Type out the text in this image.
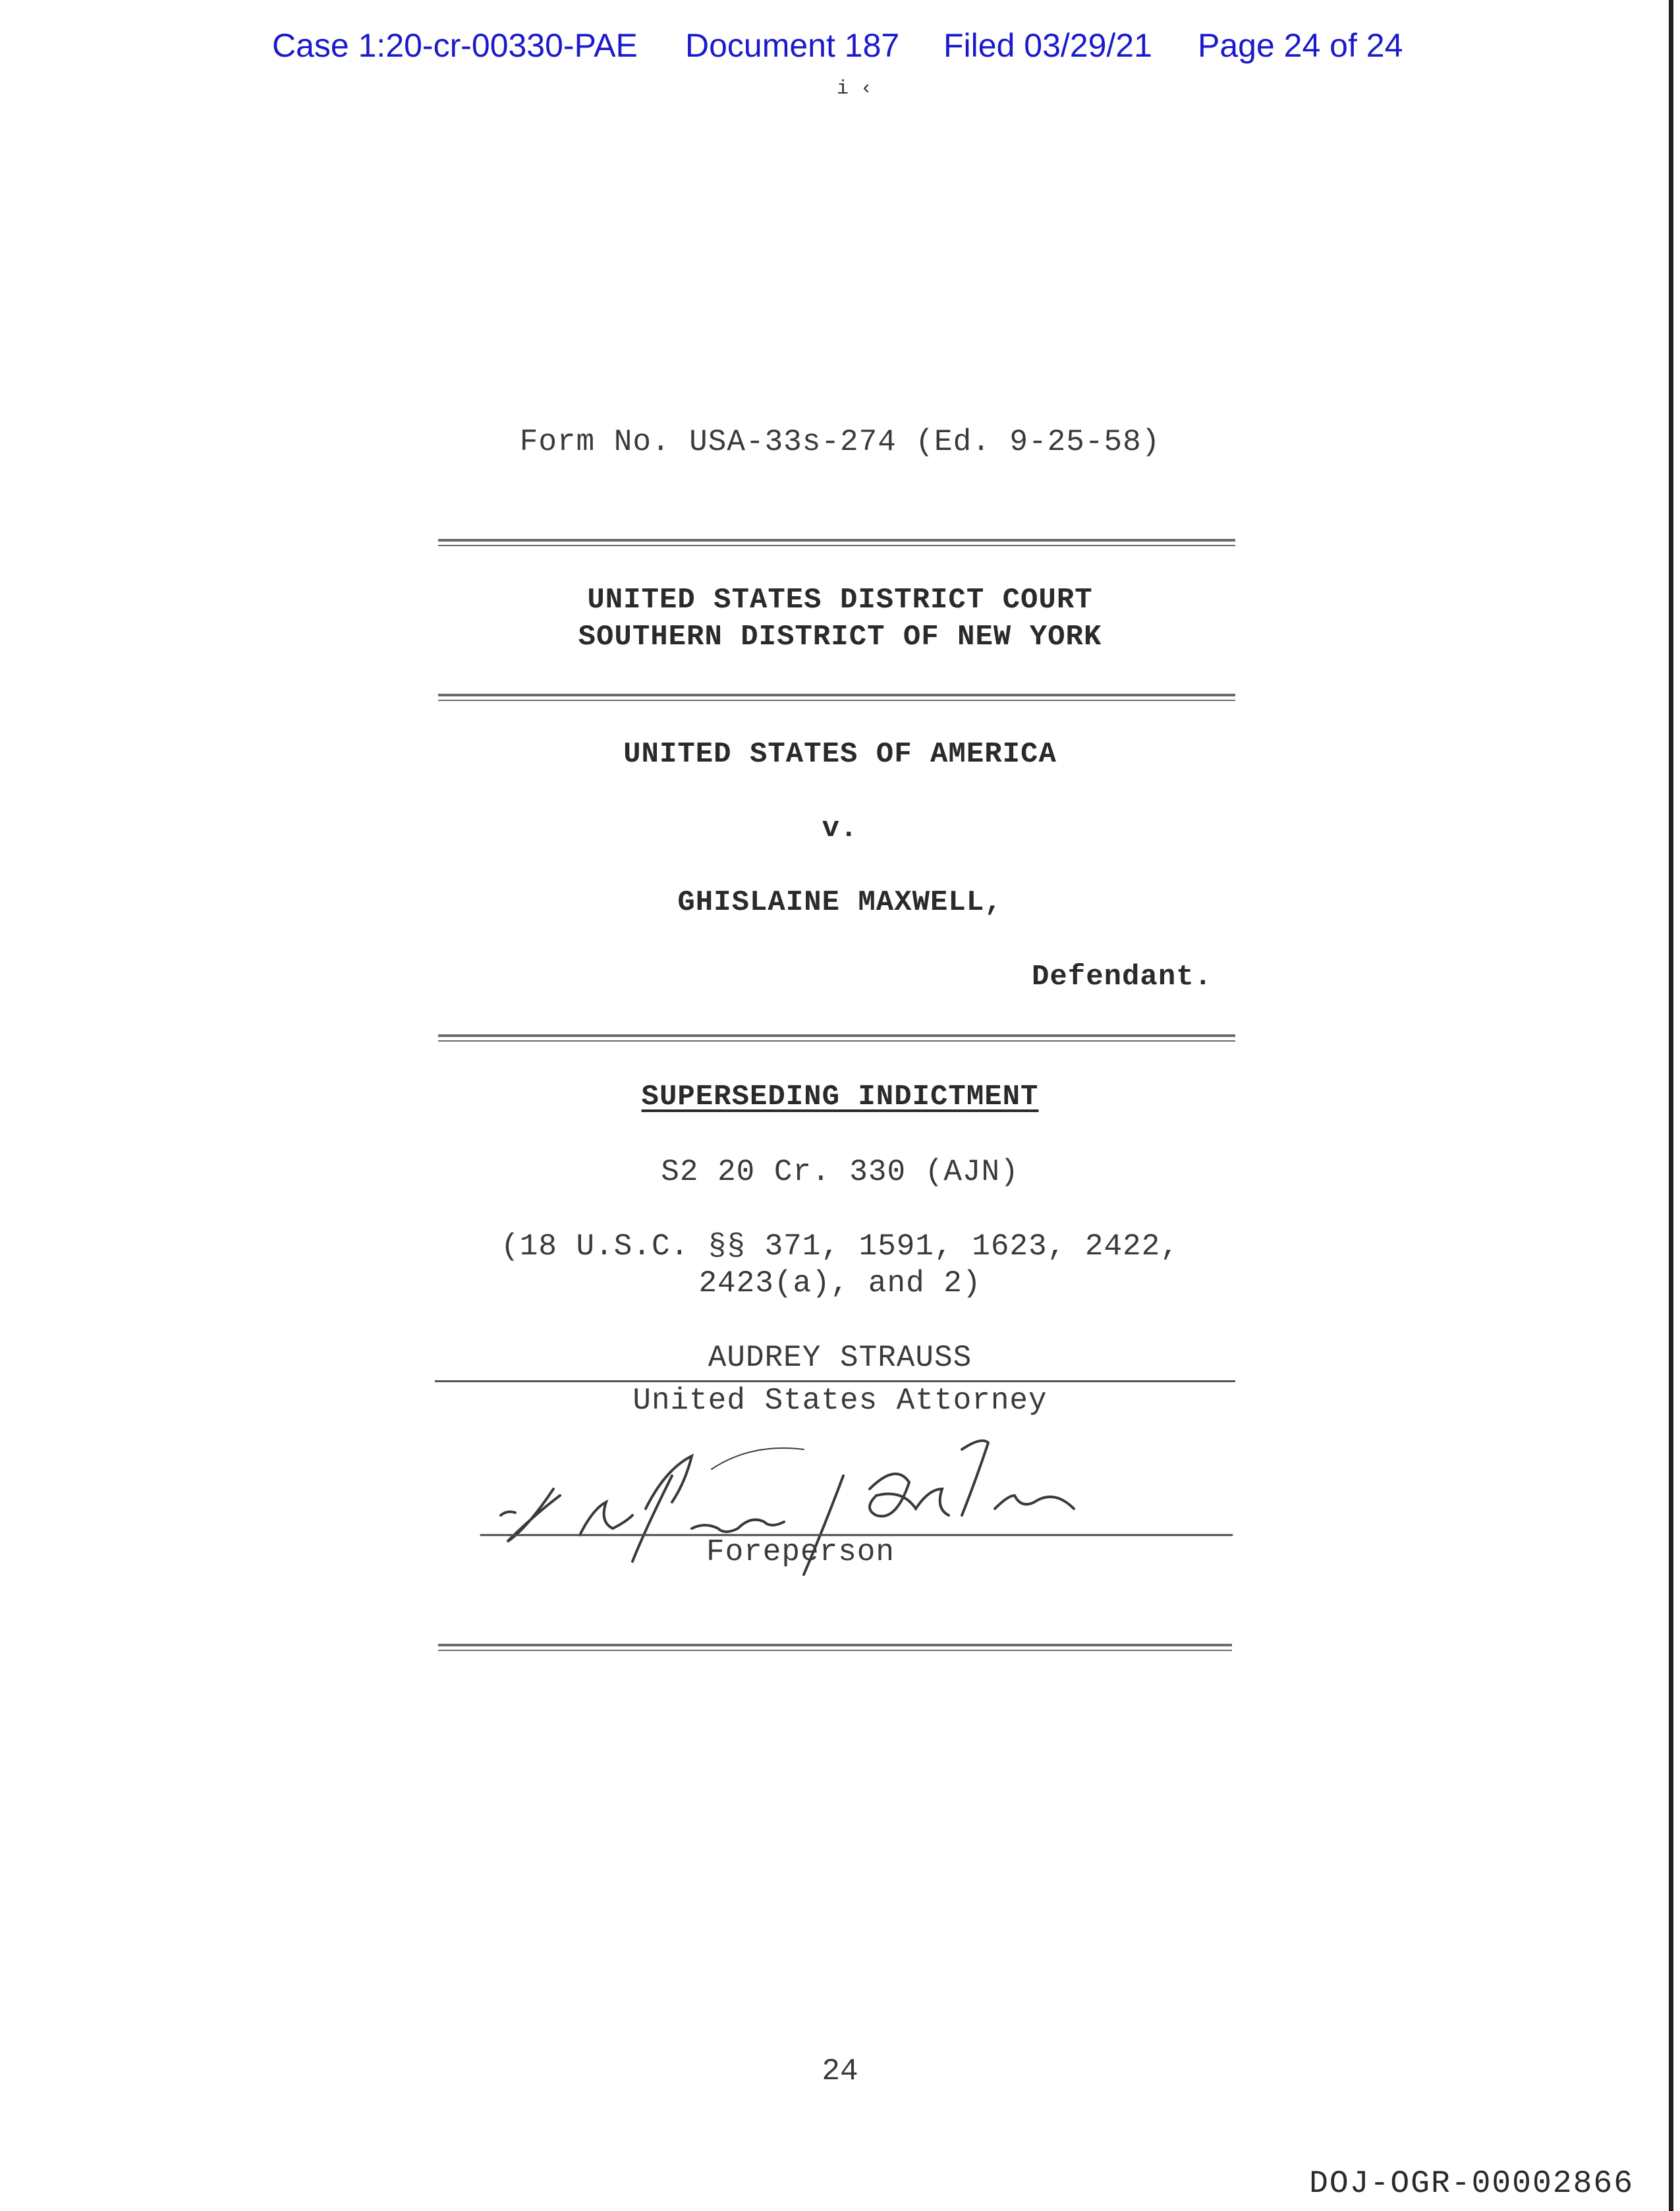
Case 1:20-cr-00330-PAE Document 187 Filed 03/29/21 Page 24 of 24
i ‹
Form No. USA-33s-274 (Ed. 9-25-58)
UNITED STATES DISTRICT COURT
SOUTHERN DISTRICT OF NEW YORK
UNITED STATES OF AMERICA
v.
GHISLAINE MAXWELL,
Defendant.
SUPERSEDING INDICTMENT
S2 20 Cr. 330 (AJN)
(18 U.S.C. §§ 371, 1591, 1623, 2422,
2423(a), and 2)
AUDREY STRAUSS
United States Attorney
Foreperson
24
DOJ-OGR-00002866
